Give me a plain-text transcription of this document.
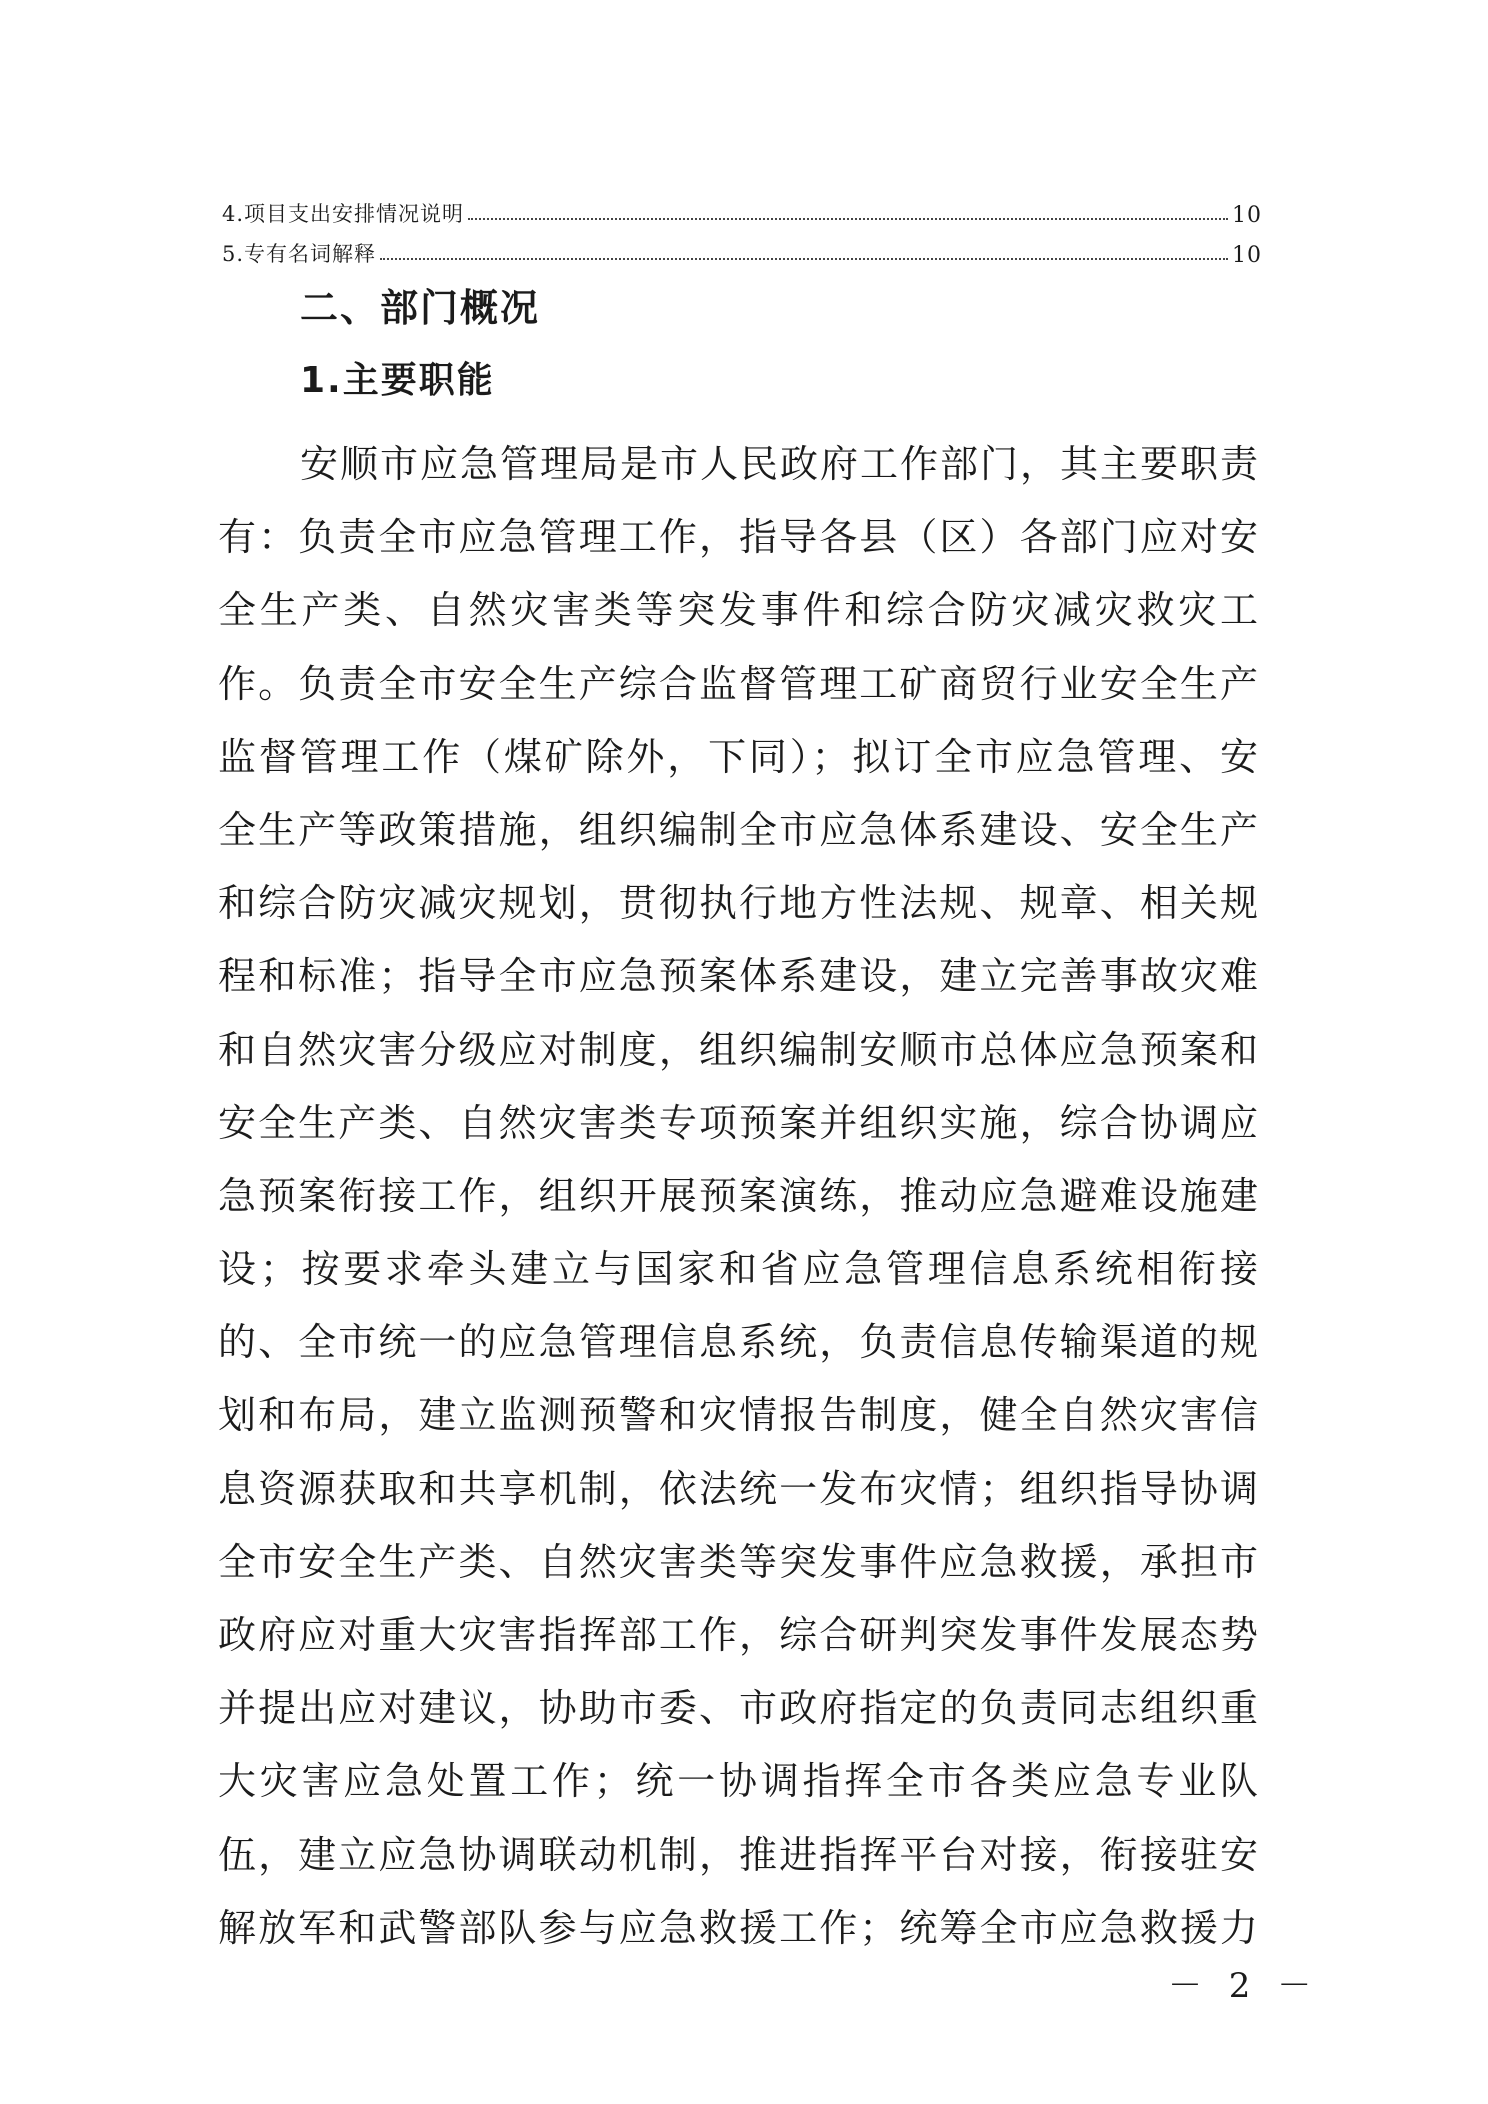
4.项目支出安排情况说明	10
5.专有名词解释	10
二、部门概况
1.主要职能
安顺市应急管理局是市人民政府工作部门，其主要职责
有：负责全市应急管理工作，指导各县（区）各部门应对安
全生产类、自然灾害类等突发事件和综合防灾减灾救灾工
作。负责全市安全生产综合监督管理工矿商贸行业安全生产
监督管理工作（煤矿除外，下同）；拟订全市应急管理、安
全生产等政策措施，组织编制全市应急体系建设、安全生产
和综合防灾减灾规划，贯彻执行地方性法规、规章、相关规
程和标准；指导全市应急预案体系建设，建立完善事故灾难
和自然灾害分级应对制度，组织编制安顺市总体应急预案和
安全生产类、自然灾害类专项预案并组织实施，综合协调应
急预案衔接工作，组织开展预案演练，推动应急避难设施建
设；按要求牵头建立与国家和省应急管理信息系统相衔接
的、全市统一的应急管理信息系统，负责信息传输渠道的规
划和布局，建立监测预警和灾情报告制度，健全自然灾害信
息资源获取和共享机制，依法统一发布灾情；组织指导协调
全市安全生产类、自然灾害类等突发事件应急救援，承担市
政府应对重大灾害指挥部工作，综合研判突发事件发展态势
并提出应对建议，协助市委、市政府指定的负责同志组织重
大灾害应急处置工作；统一协调指挥全市各类应急专业队
伍，建立应急协调联动机制，推进指挥平台对接，衔接驻安
解放军和武警部队参与应急救援工作；统筹全市应急救援力
－ 2 －
